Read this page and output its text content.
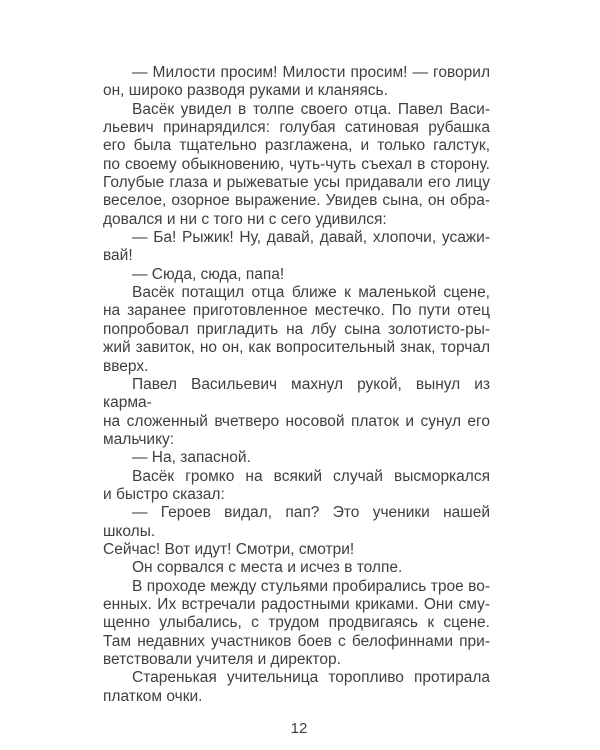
— Милости просим! Милости просим! — говорил
он, широко разводя руками и кланяясь.

Васёк увидел в толпе своего отца. Павел Васи-
льевич принарядился: голубая сатиновая рубашка
его была тщательно разглажена, и только галстук,
по своему обыкновению, чуть-чуть съехал в сторону.
Голубые глаза и рыжеватые усы придавали его лицу
веселое, озорное выражение. Увидев сына, он обра-
довался и ни с того ни с сего удивился:

— Ба! Рыжик! Ну, давай, давай, хлопочи, усажи-
вай!

— Сюда, сюда, папа!

Васёк потащил отца ближе к маленькой сцене,
на заранее приготовленное местечко. По пути отец
попробовал пригладить на лбу сына золотисто-ры-
жий завиток, но он, как вопросительный знак, торчал
вверх.

Павел Васильевич махнул рукой, вынул из карма-
на сложенный вчетверо носовой платок и сунул его
мальчику:

— На, запасной.

Васёк громко на всякий случай высморкался
и быстро сказал:

— Героев видал, пап? Это ученики нашей школы.
Сейчас! Вот идут! Смотри, смотри!

Он сорвался с места и исчез в толпе.

В проходе между стульями пробирались трое во-
енных. Их встречали радостными криками. Они сму-
щенно улыбались, с трудом продвигаясь к сцене.
Там недавних участников боев с белофиннами при-
ветствовали учителя и директор.

Старенькая учительница торопливо протирала
платком очки.

12
